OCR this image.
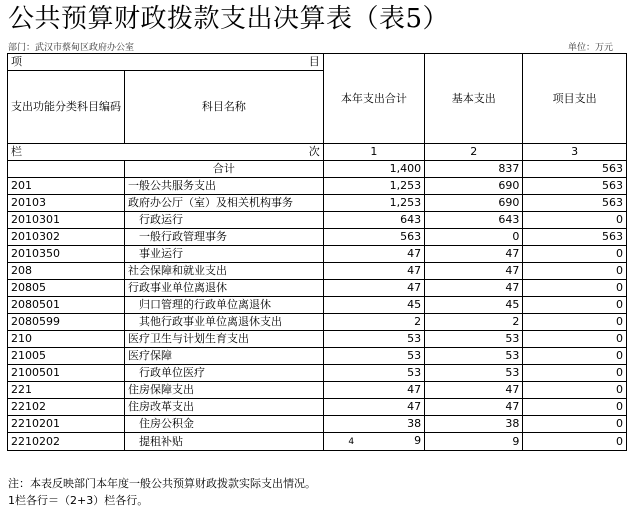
公共预算财政拨款支出决算表（表5）
部门：武汉市蔡甸区政府办公室	单位：万元
项 目		本年支出合计	基本支出	项目支出
支出功能分类科目编码	科目名称			

栏 次		1	2	3
	合计	1,400	837	563
201	一般公共服务支出	1,253	690	563
20103	政府办公厅（室）及相关机构事务	1,253	690	563
2010301	行政运行	643	643	0
2010302	一般行政管理事务	563	0	563
2010350	事业运行	47	47	0
208	社会保障和就业支出	47	47	0
20805	行政事业单位离退休	47	47	0
2080501	归口管理的行政单位离退休	45	45	0
2080599	其他行政事业单位离退休支出	2	2	0
210	医疗卫生与计划生育支出	53	53	0
21005	医疗保障	53	53	0
2100501	行政单位医疗	53	53	0
221	住房保障支出	47	47	0
22102	住房改革支出	47	47	0
2210201	住房公积金	38	38	0
2210202	提租补贴	4 9	9	0
注：本表反映部门本年度一般公共预算财政拨款实际支出情况。
1栏各行＝（2+3）栏各行。
